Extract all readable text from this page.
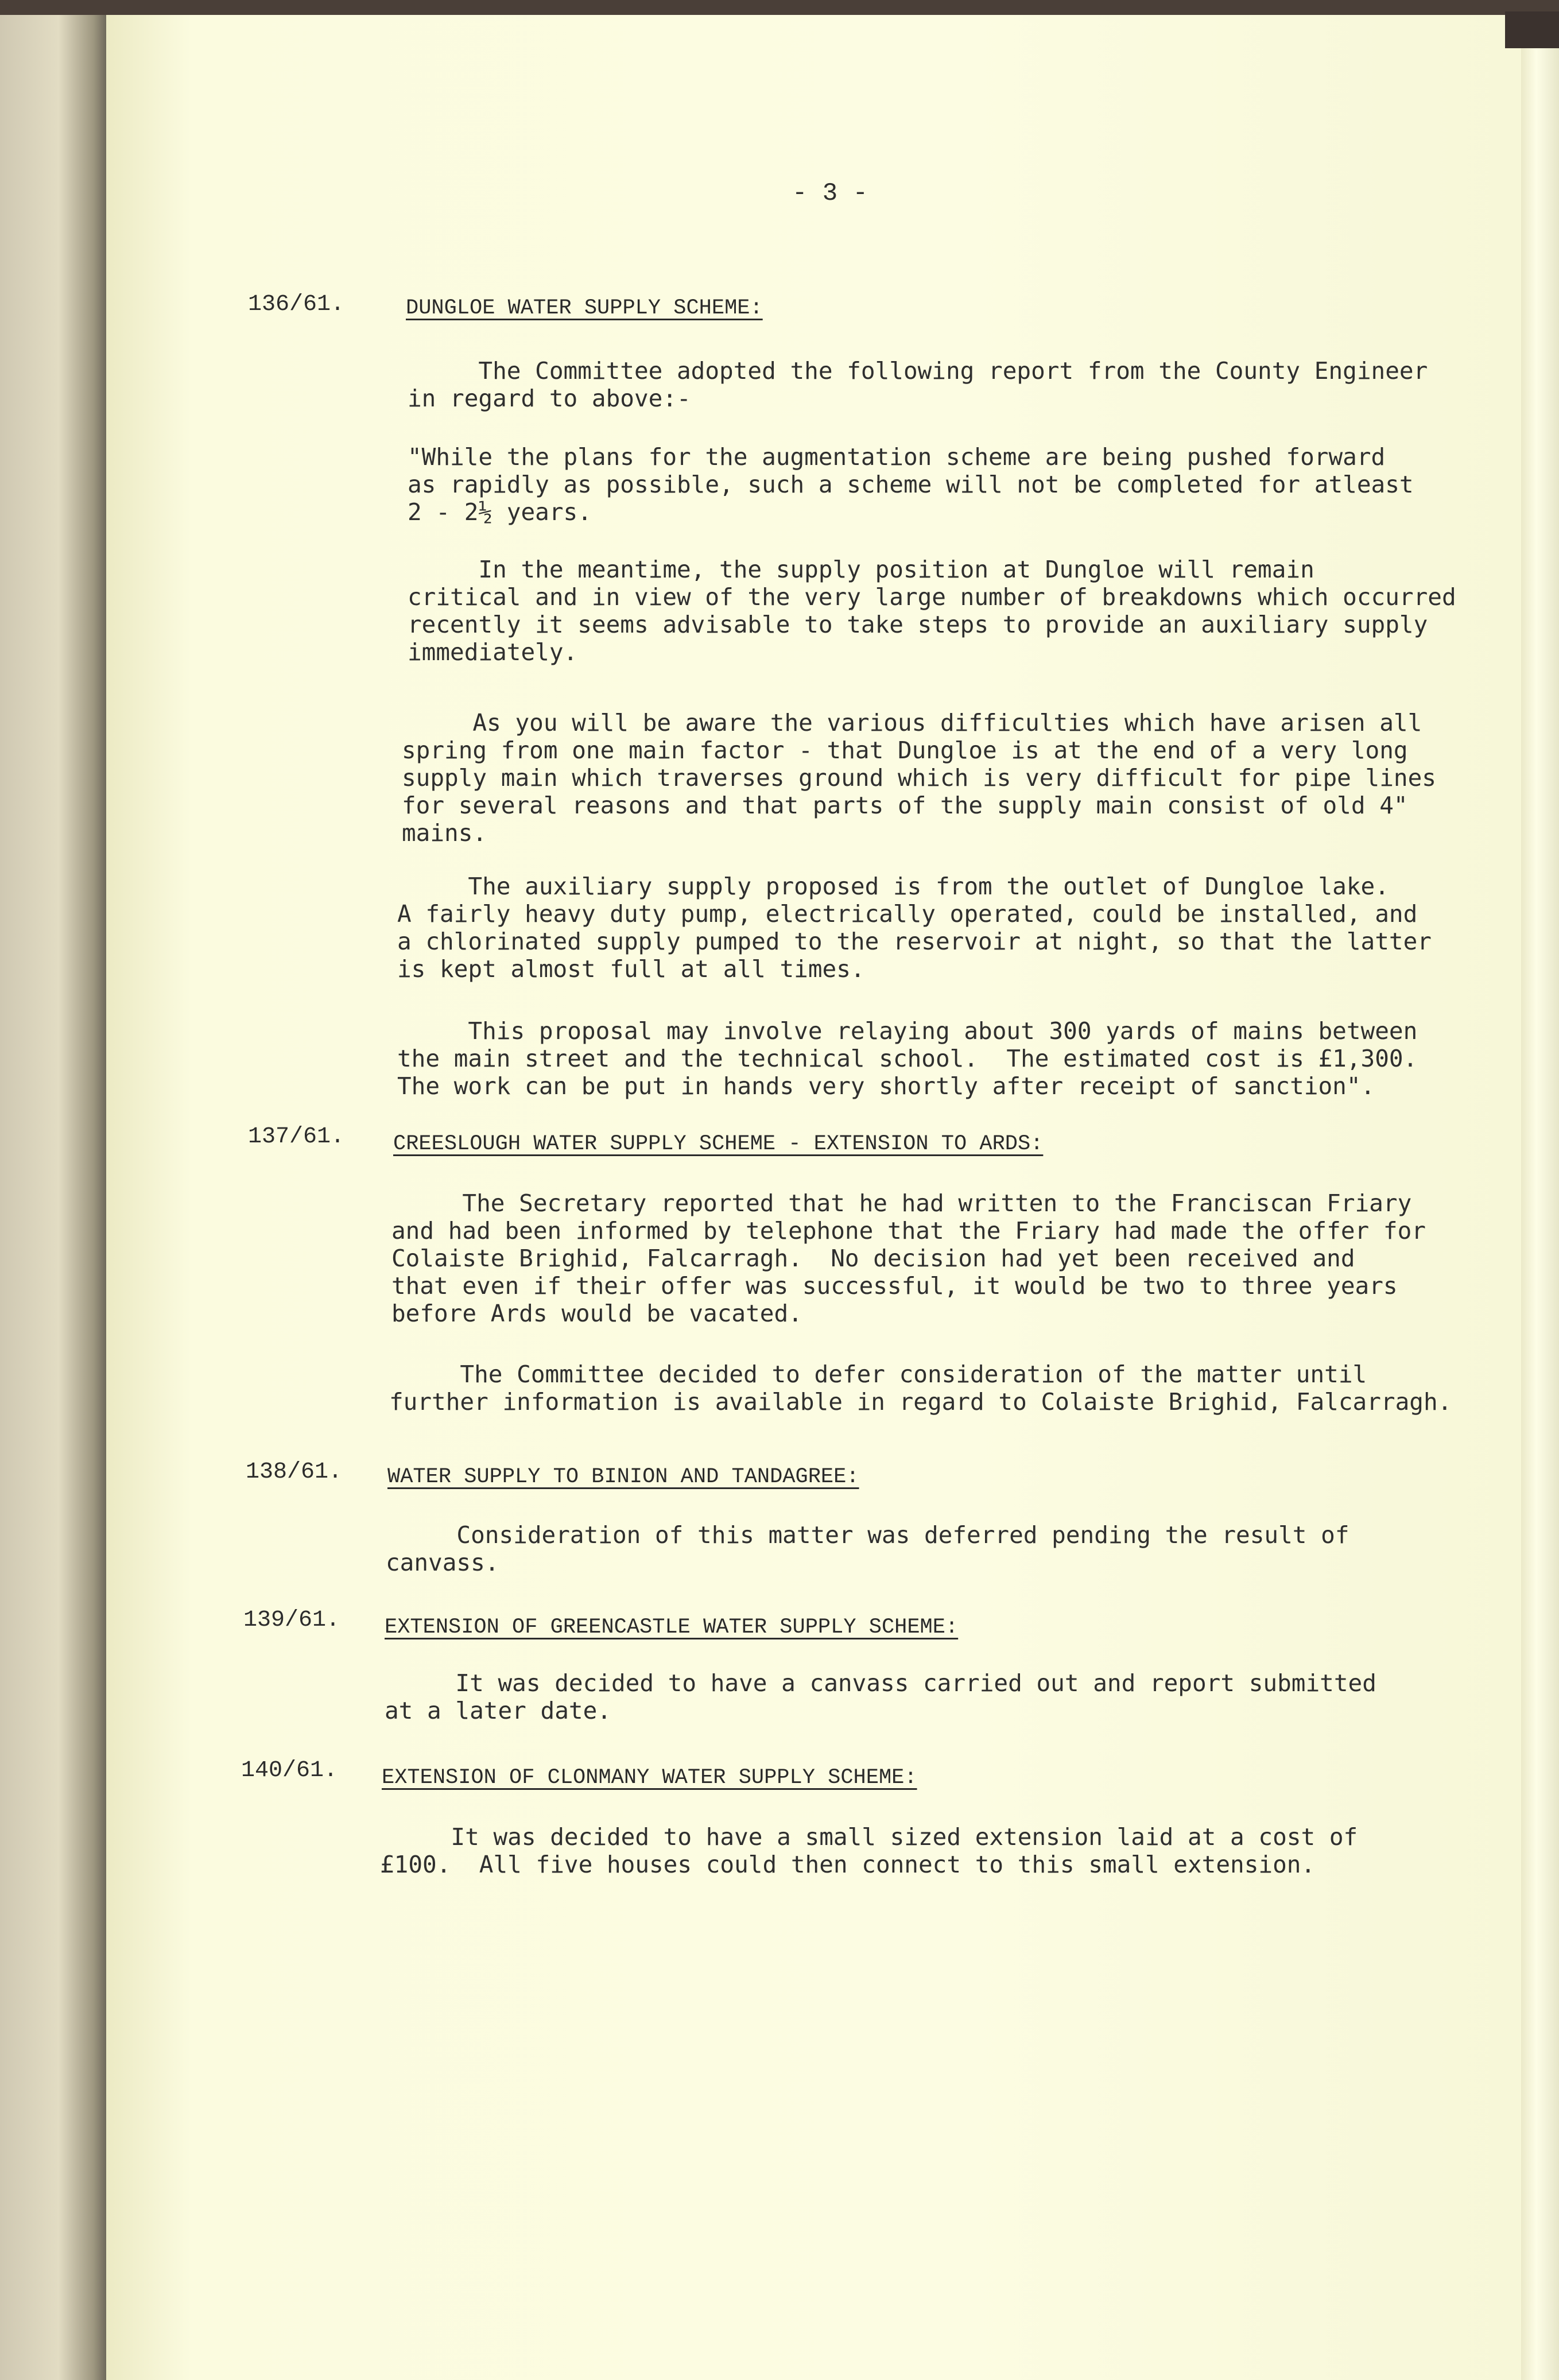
- 3 -
136/61.	DUNGLOE WATER SUPPLY SCHEME:
The Committee adopted the following report from the County Engineer
in regard to above:-
"While the plans for the augmentation scheme are being pushed forward
as rapidly as possible, such a scheme will not be completed for atleast
2 - 2½ years.
In the meantime, the supply position at Dungloe will remain
critical and in view of the very large number of breakdowns which occurred
recently it seems advisable to take steps to provide an auxiliary supply
immediately.
As you will be aware the various difficulties which have arisen all
spring from one main factor - that Dungloe is at the end of a very long
supply main which traverses ground which is very difficult for pipe lines
for several reasons and that parts of the supply main consist of old 4"
mains.
The auxiliary supply proposed is from the outlet of Dungloe lake.
A fairly heavy duty pump, electrically operated, could be installed, and
a chlorinated supply pumped to the reservoir at night, so that the latter
is kept almost full at all times.
This proposal may involve relaying about 300 yards of mains between
the main street and the technical school.  The estimated cost is £1,300.
The work can be put in hands very shortly after receipt of sanction".
137/61. CREESLOUGH WATER SUPPLY SCHEME - EXTENSION TO ARDS:
The Secretary reported that he had written to the Franciscan Friary
and had been informed by telephone that the Friary had made the offer for
Colaiste Brighid, Falcarragh.  No decision had yet been received and
that even if their offer was successful, it would be two to three years
before Ards would be vacated.
The Committee decided to defer consideration of the matter until
further information is available in regard to Colaiste Brighid, Falcarragh.
138/61. WATER SUPPLY TO BINION AND TANDAGREE:
Consideration of this matter was deferred pending the result of
canvass.
139/61. EXTENSION OF GREENCASTLE WATER SUPPLY SCHEME:
It was decided to have a canvass carried out and report submitted
at a later date.
140/61. EXTENSION OF CLONMANY WATER SUPPLY SCHEME:
It was decided to have a small sized extension laid at a cost of
£100.  All five houses could then connect to this small extension.
